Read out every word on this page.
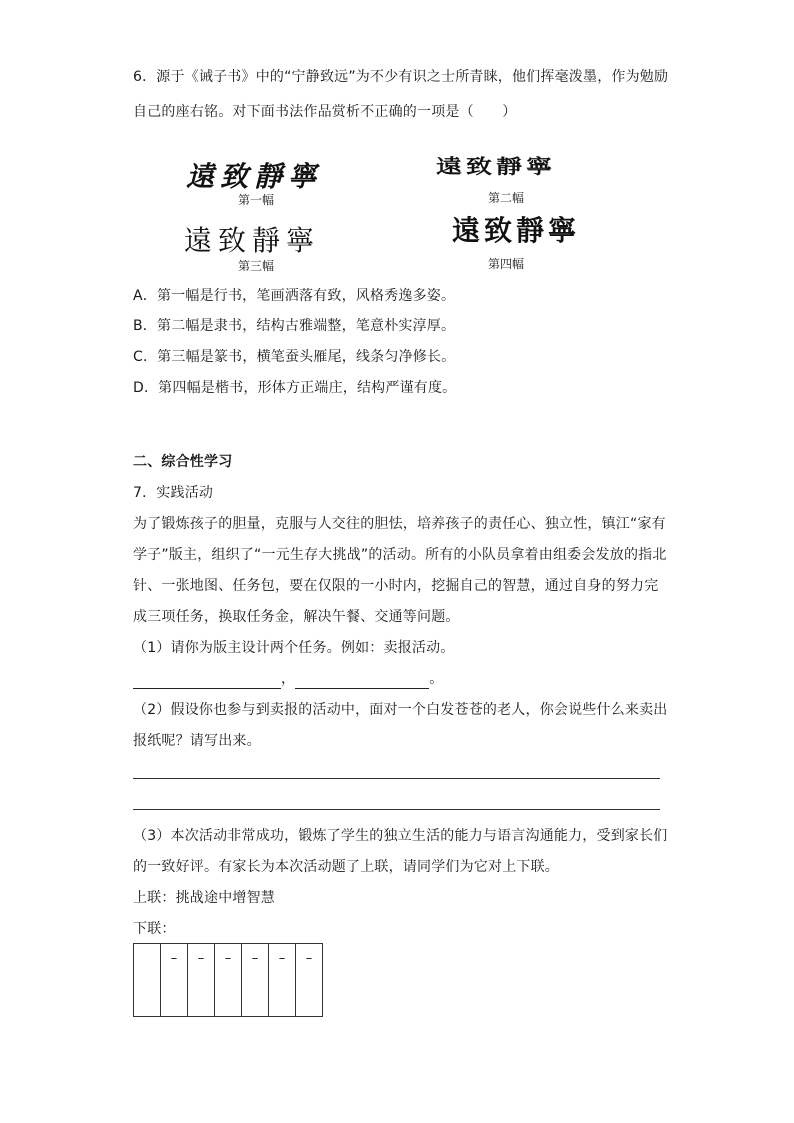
6．源于《诫子书》中的“宁静致远”为不少有识之士所青睐，他们挥毫泼墨，作为勉励
自己的座右铭。对下面书法作品赏析不正确的一项是（　　）
遠致靜寧
第一幅
遠致靜寧
第二幅
遠致靜寧
第三幅
遠致靜寧
第四幅
A．第一幅是行书，笔画洒落有致，风格秀逸多姿。
B．第二幅是隶书，结构古雅端整，笔意朴实淳厚。
C．第三幅是篆书，横笔蚕头雁尾，线条匀净修长。
D．第四幅是楷书，形体方正端庄，结构严谨有度。
二、综合性学习
7．实践活动
为了锻炼孩子的胆量，克服与人交往的胆怯，培养孩子的责任心、独立性，镇江“家有
学子”版主，组织了“一元生存大挑战”的活动。所有的小队员拿着由组委会发放的指北
针、一张地图、任务包，要在仅限的一小时内，挖掘自己的智慧，通过自身的努力完
成三项任务，换取任务金，解决午餐、交通等问题。
（1）请你为版主设计两个任务。例如：卖报活动。
，	。
（2）假设你也参与到卖报的活动中，面对一个白发苍苍的老人，你会说些什么来卖出
报纸呢？请写出来。
（3）本次活动非常成功，锻炼了学生的独立生活的能力与语言沟通能力，受到家长们
的一致好评。有家长为本次活动题了上联，请同学们为它对上下联。
上联：挑战途中增智慧
下联：
	–	–	–	–	–	–
